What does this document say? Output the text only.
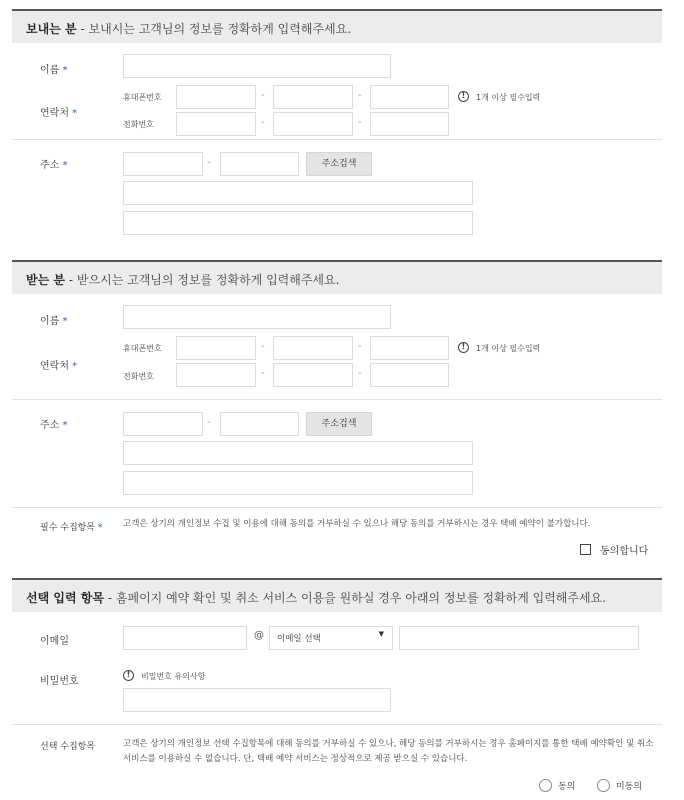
보내는 분 - 보내시는 고객님의 정보를 정확하게 입력해주세요.
이름 *
연락처 *
휴대폰번호	-	-	!	1개 이상 필수입력
전화번호	-	-
주소 *	-	주소검색
받는 분 - 받으시는 고객님의 정보를 정확하게 입력해주세요.
이름 *
연락처 *
휴대폰번호	-	-	!	1개 이상 필수입력
전화번호	-	-
주소 *	-	주소검색
필수 수집항목 * 고객은 상기의 개인정보 수집 및 이용에 대해 동의를 거부하실 수 있으나 해당 동의를 거부하시는 경우 택배 예약이 불가합니다.
동의합니다
선택 입력 항목 - 홈페이지 예약 확인 및 취소 서비스 이용을 원하실 경우 아래의 정보를 정확하게 입력해주세요.
이메일
@ 이메일 선택	▼
비밀번호
!	비밀번호 유의사항
선택 수집항목	고객은 상기의 개인정보 선택 수집항목에 대해 동의를 거부하실 수 있으나, 해당 동의를 거부하시는 경우 홈페이지를 통한 택배 예약확인 및 취소 서비스를 이용하실 수 없습니다. 단, 택배 예약 서비스는 정상적으로 제공 받으실 수 있습니다.
동의	미동의
